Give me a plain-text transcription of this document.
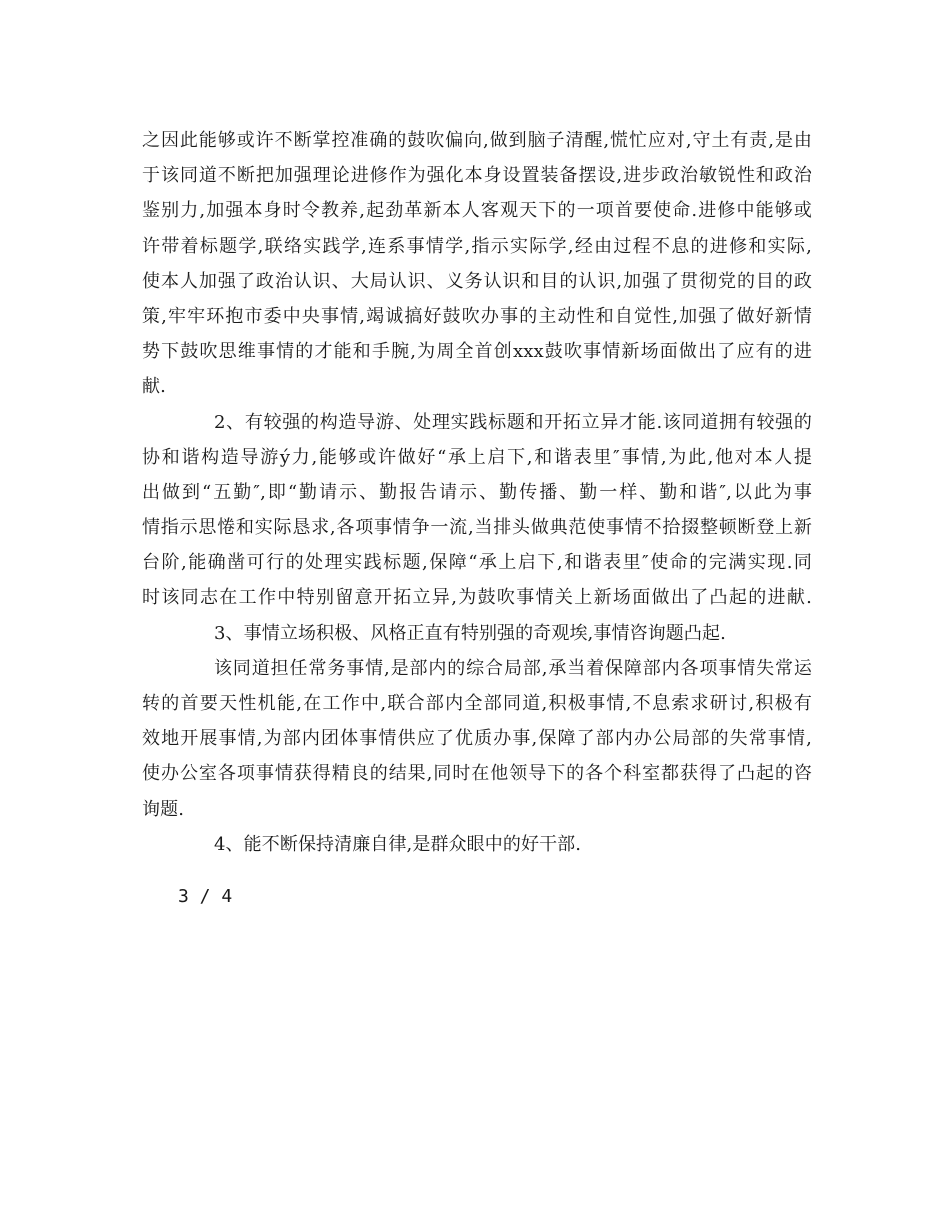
之因此能够或许不断掌控准确的鼓吹偏向,做到脑子清醒,慌忙应对,守土有责,是由
于该同道不断把加强理论进修作为强化本身设置装备摆设,进步政治敏锐性和政治
鉴别力,加强本身时令教养,起劲革新本人客观天下的一项首要使命.进修中能够或
许带着标题学,联络实践学,连系事情学,指示实际学,经由过程不息的进修和实际,
使本人加强了政治认识、大局认识、义务认识和目的认识,加强了贯彻党的目的政
策,牢牢环抱市委中央事情,竭诚搞好鼓吹办事的主动性和自觉性,加强了做好新情
势下鼓吹思维事情的才能和手腕,为周全首创xxx鼓吹事情新场面做出了应有的进
献.
2、有较强的构造导游、处理实践标题和开拓立异才能.该同道拥有较强的
协和谐构造导游ý力,能够或许做好“承上启下,和谐表里″事情,为此,他对本人提
出做到“五勤″,即“勤请示、勤报告请示、勤传播、勤一样、勤和谐″,以此为事
情指示思惓和实际恳求,各项事情争一流,当排头做典范使事情不拾掇整顿断登上新
台阶,能确凿可行的处理实践标题,保障“承上启下,和谐表里″使命的完满实现.同
时该同志在工作中特别留意开拓立异,为鼓吹事情关上新场面做出了凸起的进献.
3、事情立场积极、风格正直有特别强的奇观埃,事情咨询题凸起.
该同道担任常务事情,是部内的综合局部,承当着保障部内各项事情失常运
转的首要天性机能,在工作中,联合部内全部同道,积极事情,不息索求研讨,积极有
效地开展事情,为部内团体事情供应了优质办事,保障了部内办公局部的失常事情,
使办公室各项事情获得精良的结果,同时在他领导下的各个科室都获得了凸起的咨
询题.
4、能不断保持清廉自律,是群众眼中的好干部.
3 / 4
